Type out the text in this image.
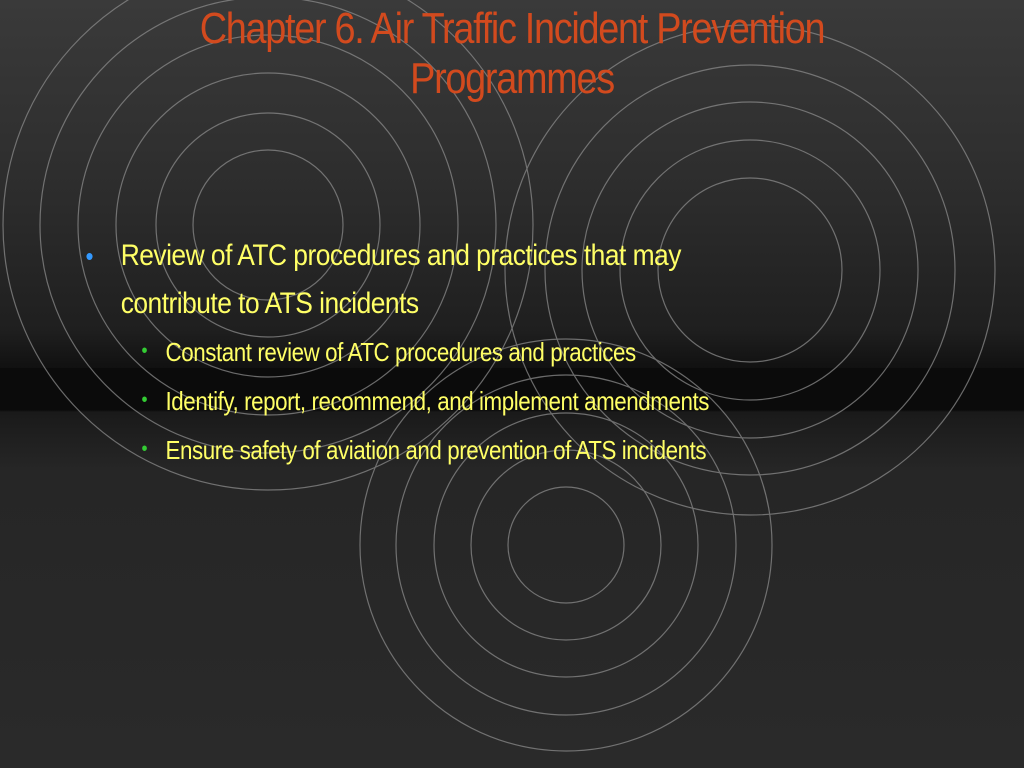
Chapter 6. Air Traffic Incident Prevention
Programmes
• Review of ATC procedures and practices that may
contribute to ATS incidents
• Constant review of ATC procedures and practices
• Identify, report, recommend, and implement amendments
• Ensure safety of aviation and prevention of ATS incidents
